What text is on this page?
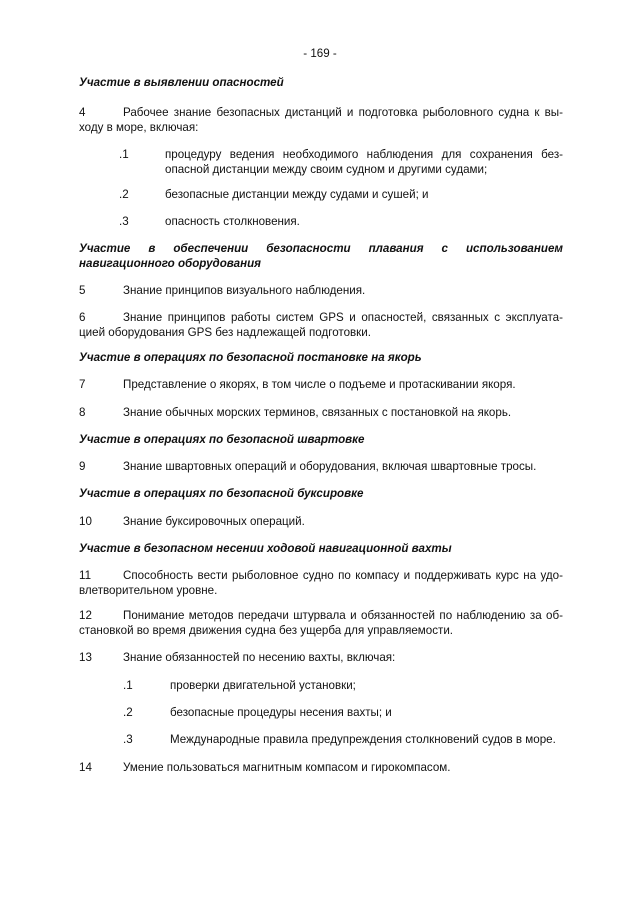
- 169 -
Участие в выявлении опасностей
4	Рабочее знание безопасных дистанций и подготовка рыболовного судна к вы-
ходу в море, включая:
.1	процедуру ведения необходимого наблюдения для сохранения без-
опасной дистанции между своим судном и другими судами;
.2	безопасные дистанции между судами и сушей; и
.3	опасность столкновения.
Участие в обеспечении безопасности плавания с использованием
навигационного оборудования
5	Знание принципов визуального наблюдения.
6	Знание принципов работы систем GPS и опасностей, связанных с эксплуата-
цией оборудования GPS без надлежащей подготовки.
Участие в операциях по безопасной постановке на якорь
7	Представление о якорях, в том числе о подъеме и протаскивании якоря.
8	Знание обычных морских терминов, связанных с постановкой на якорь.
Участие в операциях по безопасной швартовке
9	Знание швартовных операций и оборудования, включая швартовные тросы.
Участие в операциях по безопасной буксировке
10	Знание буксировочных операций.
Участие в безопасном несении ходовой навигационной вахты
11	Способность вести рыболовное судно по компасу и поддерживать курс на удо-
влетворительном уровне.
12	Понимание методов передачи штурвала и обязанностей по наблюдению за об-
становкой во время движения судна без ущерба для управляемости.
13	Знание обязанностей по несению вахты, включая:
.1	проверки двигательной установки;
.2	безопасные процедуры несения вахты; и
.3	Международные правила предупреждения столкновений судов в море.
14	Умение пользоваться магнитным компасом и гирокомпасом.
